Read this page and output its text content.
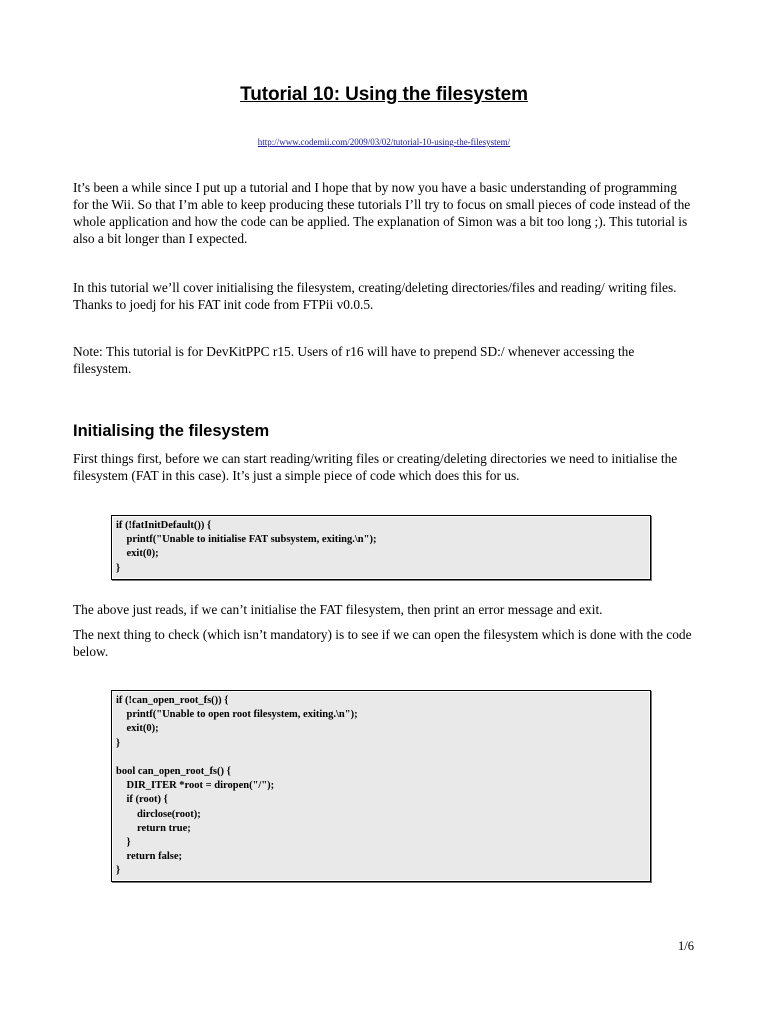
Tutorial 10: Using the filesystem
http://www.codemii.com/2009/03/02/tutorial-10-using-the-filesystem/
It’s been a while since I put up a tutorial and I hope that by now you have a basic understanding of programming for the Wii. So that I’m able to keep producing these tutorials I’ll try to focus on small pieces of code instead of the whole application and how the code can be applied. The explanation of Simon was a bit too long ;). This tutorial is also a bit longer than I expected.
In this tutorial we’ll cover initialising the filesystem, creating/deleting directories/files and reading/ writing files. Thanks to joedj for his FAT init code from FTPii v0.0.5.
Note: This tutorial is for DevKitPPC r15. Users of r16 will have to prepend SD:/ whenever accessing the filesystem.
Initialising the filesystem
First things first, before we can start reading/writing files or creating/deleting directories we need to initialise the filesystem (FAT in this case). It’s just a simple piece of code which does this for us.
if (!fatInitDefault()) {
printf("Unable to initialise FAT subsystem, exiting.\n");
exit(0);
}
The above just reads, if we can’t initialise the FAT filesystem, then print an error message and exit.
The next thing to check (which isn’t mandatory) is to see if we can open the filesystem which is done with the code below.
if (!can_open_root_fs()) {
printf("Unable to open root filesystem, exiting.\n");
exit(0);
}
bool can_open_root_fs() {
DIR_ITER *root = diropen("/");
if (root) {
dirclose(root);
return true;
}
return false;
}
1/6
